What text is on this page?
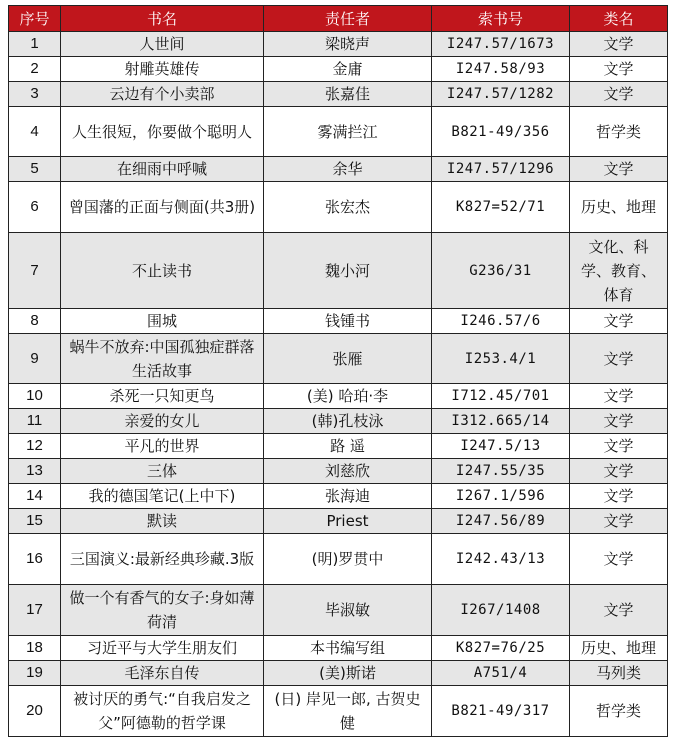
序号	书名	责任者	索书号	类名
1	人世间	梁晓声	I247.57/1673	文学
2	射雕英雄传	金庸	I247.58/93	文学
3	云边有个小卖部	张嘉佳	I247.57/1282	文学
4	人生很短，你要做个聪明人	雾满拦江	B821-49/356	哲学类
5	在细雨中呼喊	余华	I247.57/1296	文学
6	曾国藩的正面与侧面(共3册)	张宏杰	K827=52/71	历史、地理
7	不止读书	魏小河	G236/31	文化、科学、教育、体育
8	围城	钱锺书	I246.57/6	文学
9	蜗牛不放弃:中国孤独症群落生活故事	张雁	I253.4/1	文学
10	杀死一只知更鸟	(美) 哈珀·李	I712.45/701	文学
11	亲爱的女儿	(韩)孔枝泳	I312.665/14	文学
12	平凡的世界	路 遥	I247.5/13	文学
13	三体	刘慈欣	I247.55/35	文学
14	我的德国笔记(上中下)	张海迪	I267.1/596	文学
15	默读	Priest	I247.56/89	文学
16	三国演义:最新经典珍藏.3版	(明)罗贯中	I242.43/13	文学
17	做一个有香气的女子:身如薄荷清	毕淑敏	I267/1408	文学
18	习近平与大学生朋友们	本书编写组	K827=76/25	历史、地理
19	毛泽东自传	(美)斯诺	A751/4	马列类
20	被讨厌的勇气:“自我启发之父”阿德勒的哲学课	(日) 岸见一郎, 古贺史健	B821-49/317	哲学类
